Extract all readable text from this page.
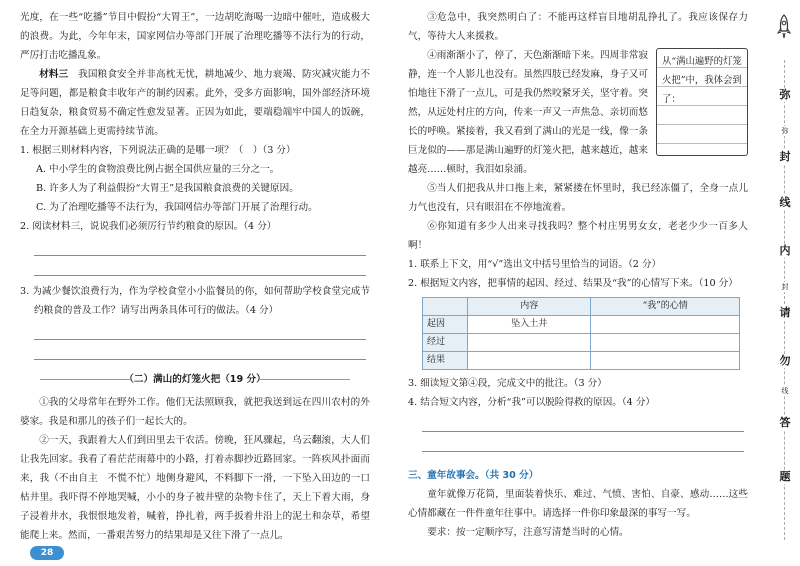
光度，在一些“吃播”节目中假扮“大胃王”，一边胡吃海喝一边暗中催吐，造成极大的浪费。为此，今年年末，国家网信办等部门开展了治理吃播等不法行为的行动，严厉打击吃播乱象。

材料三　 我国粮食安全并非高枕无忧，耕地减少、地力衰竭、防灾减灾能力不足等问题，都是粮食丰收年产的制约因素。此外，受多方面影响，国外部经济环境日趋复杂，粮食贸易不确定性愈发显著。正因为如此，要端稳端牢中国人的饭碗，在全力开源基础上更需持续节流。

1. 根据三则材料内容，下列说法正确的是哪一项？（　）（3 分）

A. 中小学生的食物浪费比例占据全国供应量的三分之一。

B. 许多人为了利益假扮“大胃王”是我国粮食浪费的关键原因。

C. 为了治理吃播等不法行为，我国网信办等部门开展了治理行动。

2. 阅读材料三，说说我们必须厉行节约粮食的原因。（4 分）

3. 为减少餐饮浪费行为，作为学校食堂小小监餐员的你，如何帮助学校食堂完成节约粮食的普及工作？请写出两条具体可行的做法。（4 分）

（二）满山的灯笼火把（19 分）

①我的父母常年在野外工作。他们无法照顾我，就把我送到远在四川农村的外婆家。我是和那儿的孩子们一起长大的。

②一天，我跟着大人们到田里去干农活。傍晚，狂风骤起，乌云翻滚，大人们让我先回家。我看了看茫茫雨幕中的小路，打着赤脚抄近路回家。一阵疾风扑面而来，我（不由自主　不慌不忙）地侧身避风，不料脚下一滑，一下坠入田边的一口枯井里。我吓得不停地哭喊，小小的身子被井壁的杂物卡住了，天上下着大雨，身子浸着井水，我恨恨地发着，喊着，挣扎着，两手扳着井沿上的泥土和杂草，希望能爬上来。然而，一番艰苦努力的结果却是又往下滑了一点儿。

28

③危急中，我突然明白了：不能再这样盲目地胡乱挣扎了。我应该保存力气，等待大人来援救。

从“满山遍野的灯笼火把”中，我体会到了：

④雨渐渐小了，停了，天色渐渐暗下来。四周非常寂静，连一个人影儿也没有。虽然四肢已经发麻，身子又可怕地往下滑了一点儿，可是我仍然咬紧牙关，坚守着。突然，从远处村庄的方向，传来一声又一声焦急、亲切而悠长的呼唤。紧接着，我又看到了满山的光是一线，像一条巨龙似的——那是满山遍野的灯笼火把，越来越近，越来越亮……顿时，我泪如泉涌。

⑤当人们把我从井口拖上来，紧紧搂在怀里时，我已经冻僵了，全身一点儿力气也没有，只有眼泪在不停地流着。

⑥你知道有多少人出来寻找我吗？整个村庄男男女女，老老少少一百多人啊！

1. 联系上下文，用“√”选出文中括号里恰当的词语。（2 分）

2. 根据短文内容，把事情的起因、经过、结果及“我”的心情写下来。（10 分）

	内容	“我”的心情
起因	坠入土井	
经过		
结果		

3. 细读短文第④段，完成文中的批注。（3 分）

4. 结合短文内容，分析“我”可以脱险得救的原因。（4 分）

三、童年故事会。（共 30 分）

童年就像万花筒，里面装着快乐、难过、气愤、害怕、自豪、感动……这些心情都藏在一件件童年往事中。请选择一件你印象最深的事写一写。

要求：按一定顺序写，注意写清楚当时的心情。

弥
弥
封
线
内
封
请
勿
线
答
题
